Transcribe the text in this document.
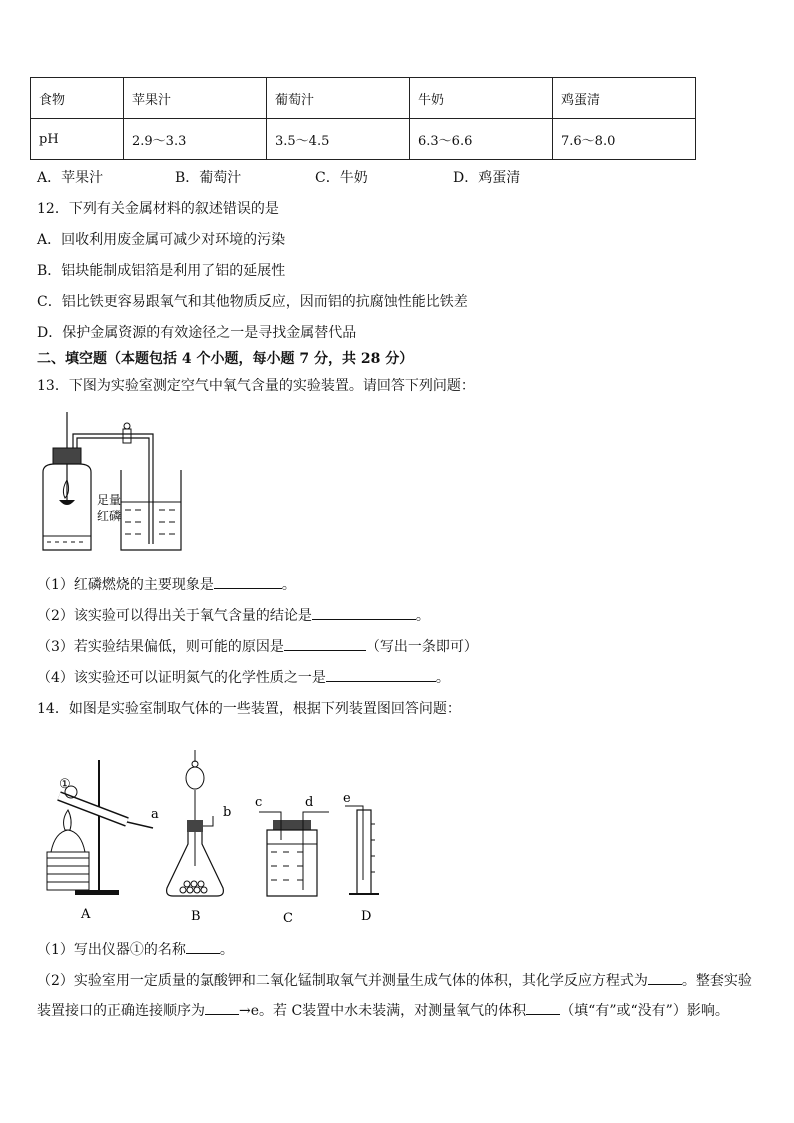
食物	苹果汁	葡萄汁	牛奶	鸡蛋清
pH	2.9～3.3	3.5～4.5	6.3～6.6	7.6～8.0
A．苹果汁	B．葡萄汁	C．牛奶	D．鸡蛋清
12．下列有关金属材料的叙述错误的是
A．回收利用废金属可减少对环境的污染
B．铝块能制成铝箔是利用了铝的延展性
C．铝比铁更容易跟氧气和其他物质反应，因而铝的抗腐蚀性能比铁差
D．保护金属资源的有效途径之一是寻找金属替代品
二、填空题（本题包括 4 个小题，每小题 7 分，共 28 分）
13．下图为实验室测定空气中氧气含量的实验装置。请回答下列问题：
足量
红磷
（1）红磷燃烧的主要现象是	。
（2）该实验可以得出关于氧气含量的结论是	。
（3）若实验结果偏低，则可能的原因是	（写出一条即可）
（4）该实验还可以证明氮气的化学性质之一是	。
14．如图是实验室制取气体的一些装置，根据下列装置图回答问题：
①
a
A
b
B
c	d
C
e
D
（1）写出仪器①的名称 。
（2）实验室用一定质量的氯酸钾和二氧化锰制取氧气并测量生成气体的体积，其化学反应方程式为 。整套实验
装置接口的正确连接顺序为 →e。若 C装置中水未装满，对测量氧气的体积 （填“有”或“没有”）影响。
